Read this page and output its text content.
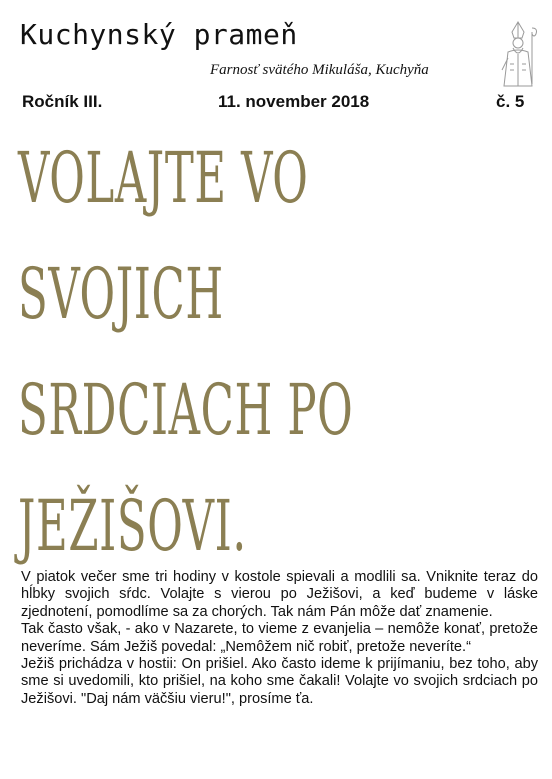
Kuchynský prameň
Farnosť svätého Mikuláša, Kuchyňa
Ročník III.	11. november 2018	č. 5
VOLAJTE VO
SVOJICH
SRDCIACH PO
JEŽIŠOVI.

V piatok večer sme tri hodiny v kostole spievali a modlili sa. Vniknite teraz do hĺbky svojich sŕdc. Volajte s vierou po Ježišovi, a keď budeme v láske zjednotení, pomodlíme sa za chorých. Tak nám Pán môže dať znamenie.

Tak často však, - ako v Nazarete, to vieme z evanjelia – nemôže konať, pretože neveríme. Sám Ježiš povedal: „Nemôžem nič robiť, pretože neveríte.“

Ježiš prichádza v hostii: On prišiel. Ako často ideme k prijímaniu, bez toho, aby sme si uvedomili, kto prišiel, na koho sme čakali! Volajte vo svojich srdciach po Ježišovi. "Daj nám väčšiu vieru!", prosíme ťa.
